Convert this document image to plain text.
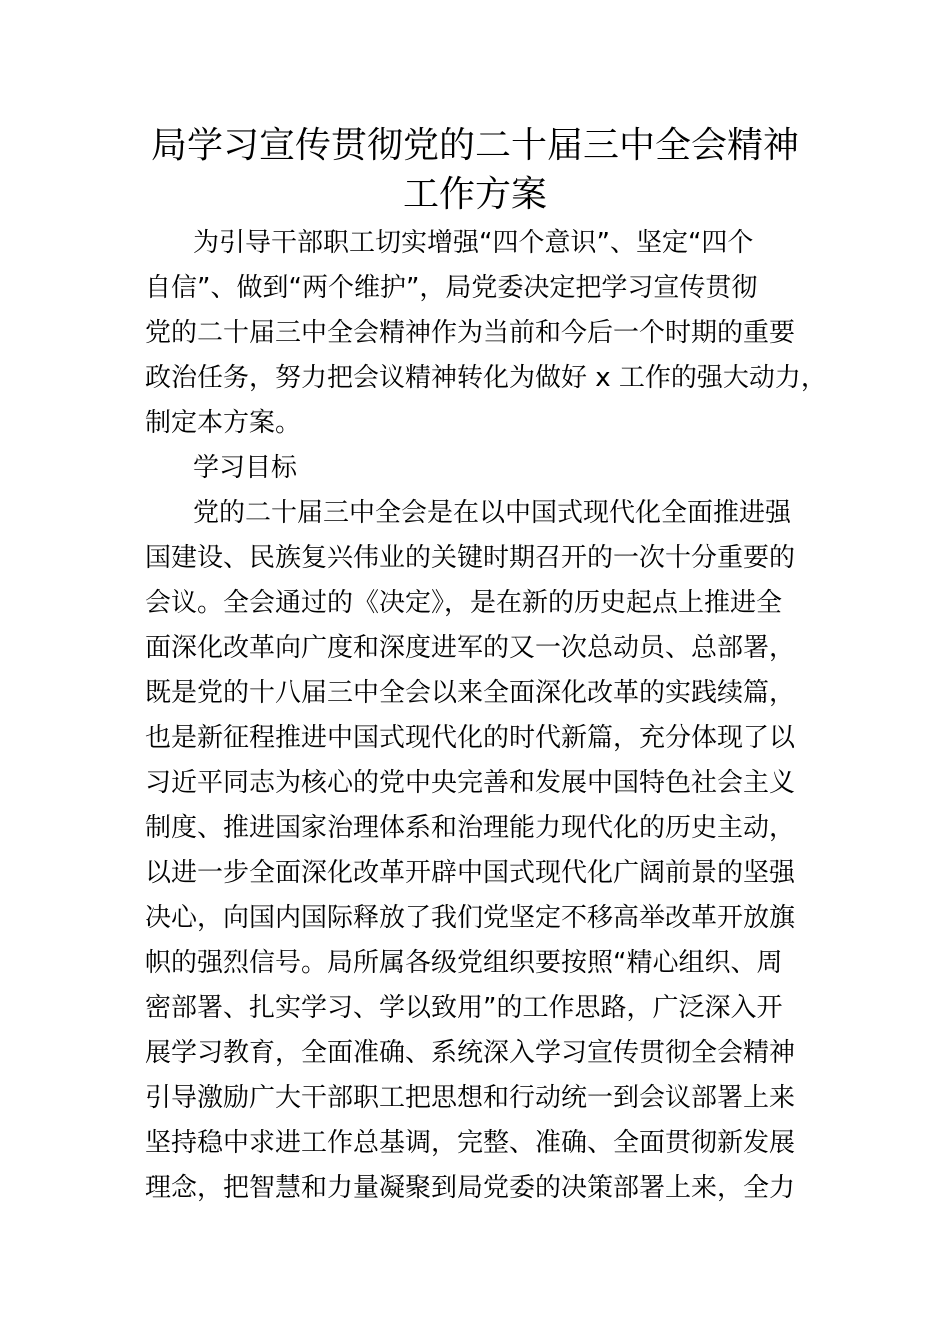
局学习宣传贯彻党的二十届三中全会精神
工作方案

为引导干部职工切实增强“四个意识”、坚定“四个

自信”、做到“两个维护”，局党委决定把学习宣传贯彻

党的二十届三中全会精神作为当前和今后一个时期的重要

政治任务，努力把会议精神转化为做好 x 工作的强大动力，

制定本方案。

学习目标

党的二十届三中全会是在以中国式现代化全面推进强

国建设、民族复兴伟业的关键时期召开的一次十分重要的

会议。全会通过的《决定》，是在新的历史起点上推进全

面深化改革向广度和深度进军的又一次总动员、总部署，

既是党的十八届三中全会以来全面深化改革的实践续篇，

也是新征程推进中国式现代化的时代新篇，充分体现了以

习近平同志为核心的党中央完善和发展中国特色社会主义

制度、推进国家治理体系和治理能力现代化的历史主动，

以进一步全面深化改革开辟中国式现代化广阔前景的坚强

决心，向国内国际释放了我们党坚定不移高举改革开放旗

帜的强烈信号。局所属各级党组织要按照“精心组织、周

密部署、扎实学习、学以致用”的工作思路，广泛深入开

展学习教育，全面准确、系统深入学习宣传贯彻全会精神

引导激励广大干部职工把思想和行动统一到会议部署上来

坚持稳中求进工作总基调，完整、准确、全面贯彻新发展

理念，把智慧和力量凝聚到局党委的决策部署上来，全力
